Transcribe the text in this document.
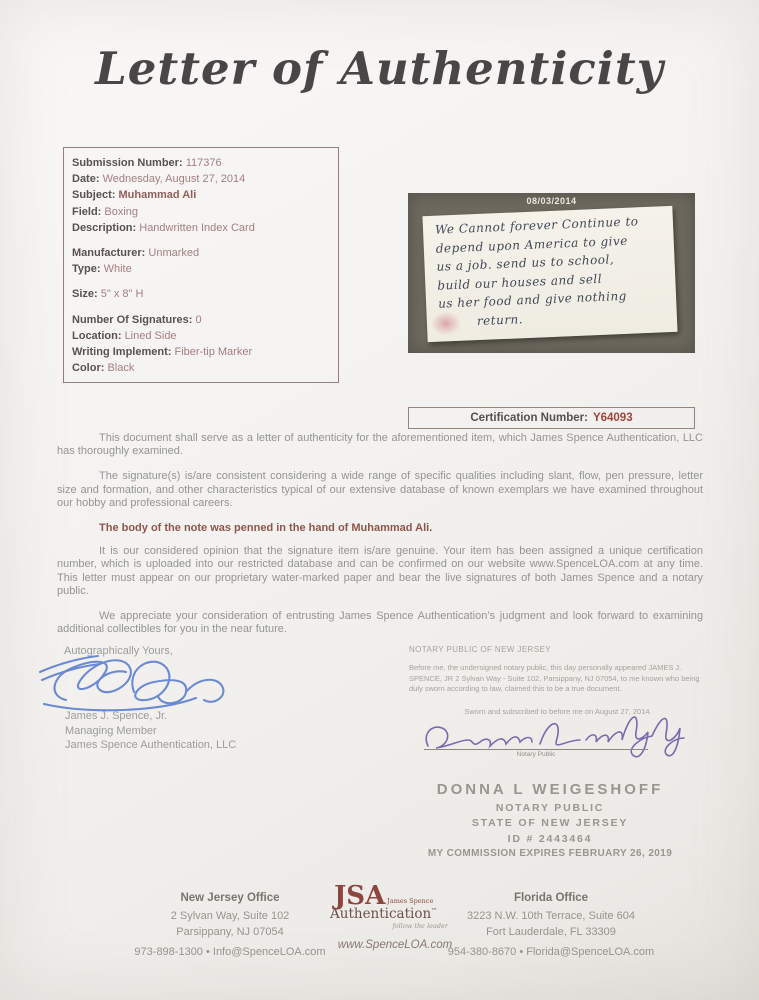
Letter of Authenticity
Submission Number: 117376
Date: Wednesday, August 27, 2014
Subject: Muhammad Ali
Field: Boxing
Description: Handwritten Index Card
Manufacturer: Unmarked
Type: White
Size: 5" x 8" H
Number Of Signatures: 0
Location: Lined Side
Writing Implement: Fiber-tip Marker
Color: Black
08/03/2014
We Cannot forever Continue to
depend upon America to give
us a job. send us to school,
build our houses and sell
us her food and give nothing
return.
Certification Number: Y64093

This document shall serve as a letter of authenticity for the aforementioned item, which James Spence Authentication, LLC has thoroughly examined.

The signature(s) is/are consistent considering a wide range of specific qualities including slant, flow, pen pressure, letter size and formation, and other characteristics typical of our extensive database of known exemplars we have examined throughout our hobby and professional careers.

The body of the note was penned in the hand of Muhammad Ali.

It is our considered opinion that the signature item is/are genuine. Your item has been assigned a unique certification number, which is uploaded into our restricted database and can be confirmed on our website www.SpenceLOA.com at any time. This letter must appear on our proprietary water-marked paper and bear the live signatures of both James Spence and a notary public.

We appreciate your consideration of entrusting James Spence Authentication’s judgment and look forward to examining additional collectibles for you in the near future.

Autographically Yours,
James J. Spence, Jr.
Managing Member
James Spence Authentication, LLC
NOTARY PUBLIC OF NEW JERSEY
Before me, the undersigned notary public, this day personally appeared JAMES J. SPENCE, JR 2 Sylvan Way - Suite 102, Parsippany, NJ 07054, to me known who being duly sworn according to law, claimed this to be a true document.
Sworn and subscribed to before me on August 27, 2014.
Notary Public
DONNA L WEIGESHOFF
NOTARY PUBLIC
STATE OF NEW JERSEY
ID # 2443464
MY COMMISSION EXPIRES FEBRUARY 26, 2019
New Jersey Office
2 Sylvan Way, Suite 102
Parsippany, NJ 07054
973-898-1300 • Info@SpenceLOA.com
JSA James Spence
Authentication™
follow the leader
www.SpenceLOA.com
Florida Office
3223 N.W. 10th Terrace, Suite 604
Fort Lauderdale, FL 33309
954-380-8670 • Florida@SpenceLOA.com
